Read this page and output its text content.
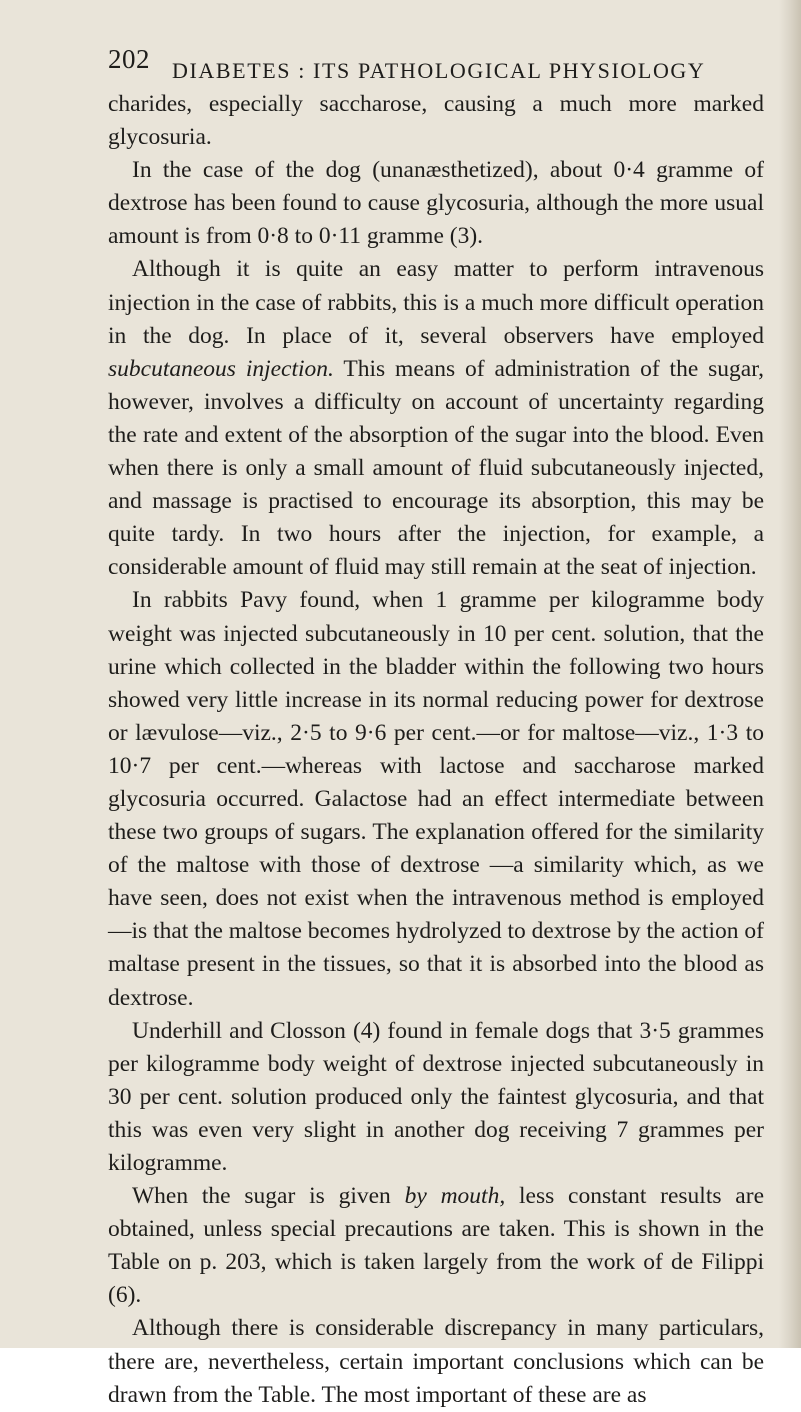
202 DIABETES : ITS PATHOLOGICAL PHYSIOLOGY

charides, especially saccharose, causing a much more marked glycosuria.

In the case of the dog (unanæsthetized), about 0·4 gramme of dextrose has been found to cause glycosuria, although the more usual amount is from 0·8 to 0·11 gramme (3).

Although it is quite an easy matter to perform intravenous injection in the case of rabbits, this is a much more difficult operation in the dog. In place of it, several observers have employed subcutaneous injection. This means of administration of the sugar, however, involves a difficulty on account of uncertainty regarding the rate and extent of the absorption of the sugar into the blood. Even when there is only a small amount of fluid subcutaneously injected, and massage is practised to encourage its absorption, this may be quite tardy. In two hours after the injection, for example, a considerable amount of fluid may still remain at the seat of injection.

In rabbits Pavy found, when 1 gramme per kilogramme body weight was injected subcutaneously in 10 per cent. solution, that the urine which collected in the bladder within the following two hours showed very little increase in its normal reducing power for dextrose or lævulose—viz., 2·5 to 9·6 per cent.—or for maltose—viz., 1·3 to 10·7 per cent.—whereas with lactose and saccharose marked glycosuria occurred. Galactose had an effect intermediate between these two groups of sugars. The explanation offered for the similarity of the maltose with those of dextrose —a similarity which, as we have seen, does not exist when the intravenous method is employed—is that the maltose becomes hydrolyzed to dextrose by the action of maltase present in the tissues, so that it is absorbed into the blood as dextrose.

Underhill and Closson (4) found in female dogs that 3·5 grammes per kilogramme body weight of dextrose injected subcutaneously in 30 per cent. solution produced only the faintest glycosuria, and that this was even very slight in another dog receiving 7 grammes per kilogramme.

When the sugar is given by mouth, less constant results are obtained, unless special precautions are taken. This is shown in the Table on p. 203, which is taken largely from the work of de Filippi (6).

Although there is considerable discrepancy in many particulars, there are, nevertheless, certain important conclusions which can be drawn from the Table. The most important of these are as
